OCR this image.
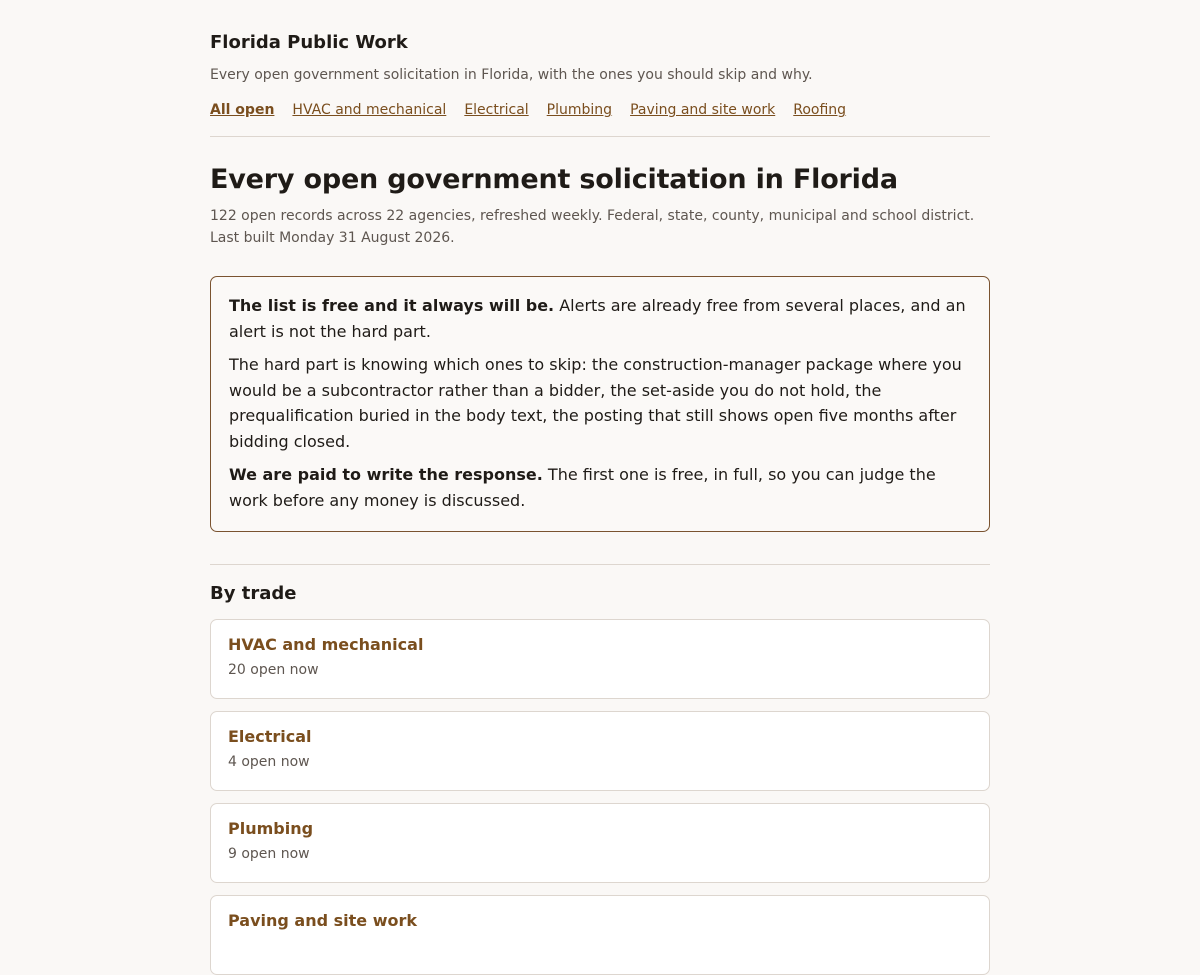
Florida Public Work

Every open government solicitation in Florida, with the ones you should skip and why.

All open HVAC and mechanical Electrical Plumbing Paving and site work Roofing
Every open government solicitation in Florida

122 open records across 22 agencies, refreshed weekly. Federal, state, county, municipal and school district. Last built Monday 31 August 2026.

The list is free and it always will be. Alerts are already free from several places, and an alert is not the hard part.

The hard part is knowing which ones to skip: the construction-manager package where you would be a subcontractor rather than a bidder, the set-aside you do not hold, the prequalification buried in the body text, the posting that still shows open five months after bidding closed.

We are paid to write the response. The first one is free, in full, so you can judge the work before any money is discussed.

By trade
HVAC and mechanical
20 open now
Electrical
4 open now
Plumbing
9 open now
Paving and site work
